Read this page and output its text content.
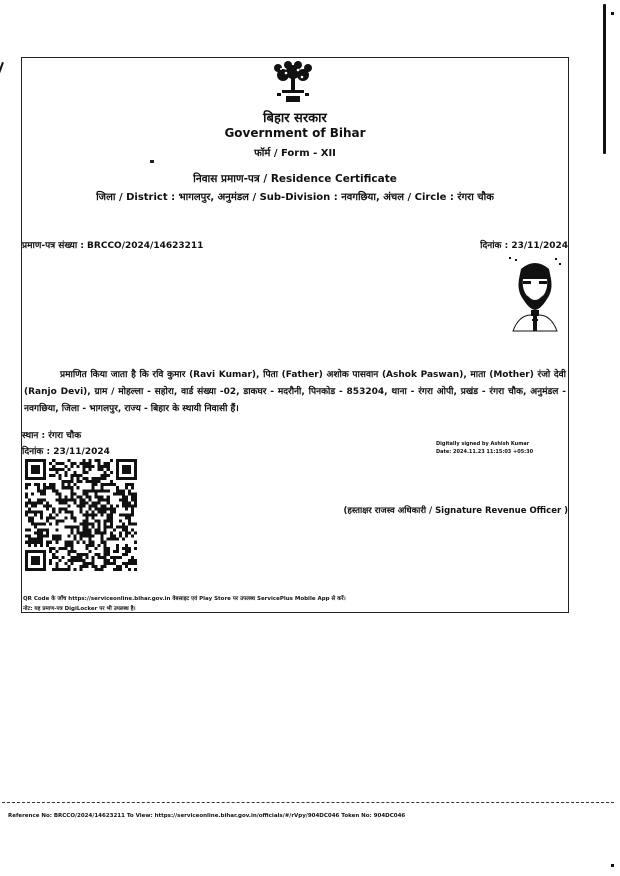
बिहार सरकार
Government of Bihar
फॉर्म / Form - XII
निवास प्रमाण-पत्र / Residence Certificate
जिला / District : भागलपुर, अनुमंडल / Sub-Division : नवगछिया, अंचल / Circle : रंगरा चौक
प्रमाण-पत्र संख्या : BRCCO/2024/14623211	दिनांक : 23/11/2024

प्रमाणित किया जाता है कि रवि कुमार (Ravi Kumar), पिता (Father) अशोक पासवान (Ashok Paswan), माता (Mother) रंजो देवी (Ranjo Devi), ग्राम / मोहल्ला - सहोरा, वार्ड संख्या -02, डाकघर - मदरौनी, पिनकोड - 853204, थाना - रंगरा ओपी, प्रखंड - रंगरा चौक, अनुमंडल - नवगछिया, जिला - भागलपुर, राज्य - बिहार के स्थायी निवासी हैं।

स्थान : रंगरा चौक
दिनांक : 23/11/2024
Digitally signed by Ashish Kumar
Date: 2024.11.23 11:15:03 +05:30
(हस्ताक्षर राजस्व अधिकारी / Signature Revenue Officer )
QR Code के जाँच https://serviceonline.bihar.gov.in वेबसाइट एवं Play Store पर उपलब्ध ServicePlus Mobile App से करें।
नोट: यह प्रमाण-पत्र DigiLocker पर भी उपलब्ध है।
Reference No: BRCCO/2024/14623211 To View: https://serviceonline.bihar.gov.in/officials/#/rVpy/904DC046 Token No: 904DC046
